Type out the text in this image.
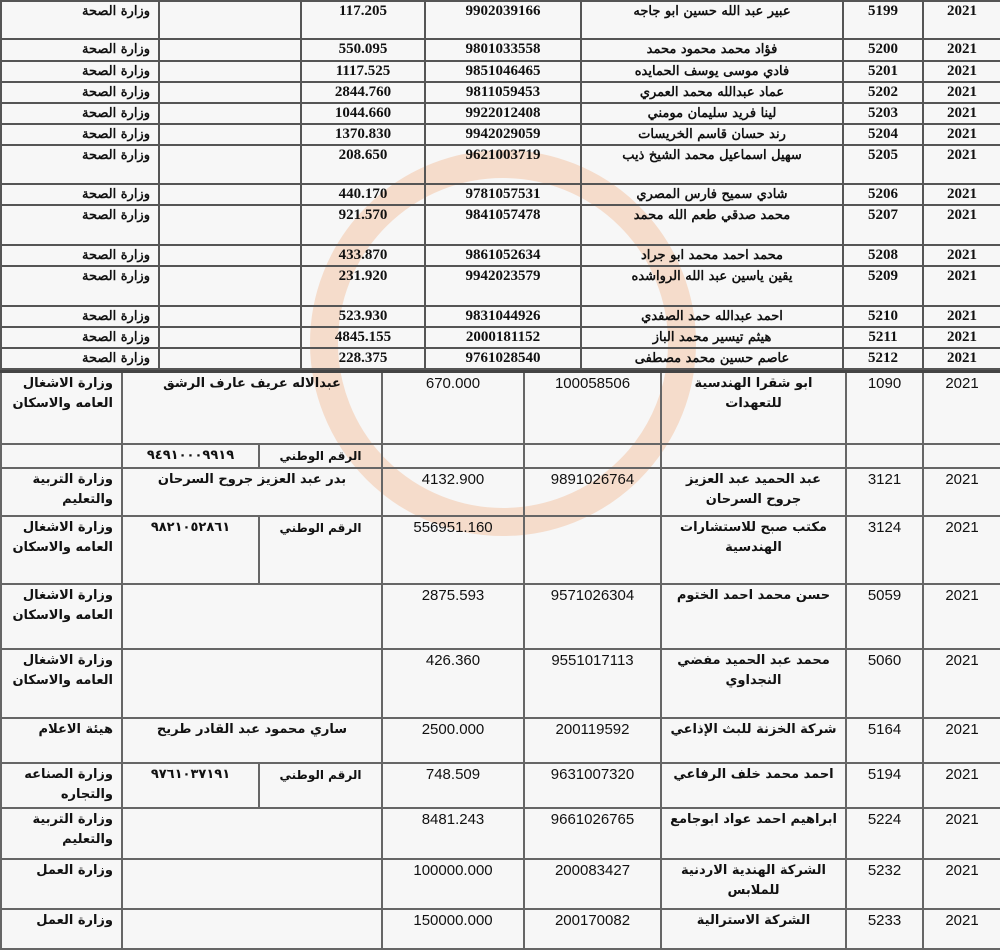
2021	5199	عبير عبد الله حسين ابو جاجه	9902039166	117.205		وزارة الصحة
2021	5200	فؤاد محمد محمود محمد	9801033558	550.095		وزارة الصحة
2021	5201	فادي موسى يوسف الحمايده	9851046465	1117.525		وزارة الصحة
2021	5202	عماد عبدالله محمد العمري	9811059453	2844.760		وزارة الصحة
2021	5203	لينا فريد سليمان مومني	9922012408	1044.660		وزارة الصحة
2021	5204	رند حسان قاسم الخريسات	9942029059	1370.830		وزارة الصحة
2021	5205	سهيل اسماعيل محمد الشيخ ذيب	9621003719	208.650		وزارة الصحة
2021	5206	شادي سميح فارس المصري	9781057531	440.170		وزارة الصحة
2021	5207	محمد صدقي طعم الله محمد	9841057478	921.570		وزارة الصحة
2021	5208	محمد احمد محمد ابو جراد	9861052634	433.870		وزارة الصحة
2021	5209	يقين ياسين عبد الله الرواشده	9942023579	231.920		وزارة الصحة
2021	5210	احمد عبدالله حمد الصفدي	9831044926	523.930		وزارة الصحة
2021	5211	هيثم تيسير محمد الباز	2000181152	4845.155		وزارة الصحة
2021	5212	عاصم حسين محمد مصطفى	9761028540	228.375		وزارة الصحة
2021	1090	ابو شقرا الهندسية للتعهدات	100058506	670.000	عبدالاله عريف عارف الرشق		وزارة الاشغال العامه والاسكان
					الرقم الوطني	٩٤٩١٠٠٠٩٩١٩	
2021	3121	عبد الحميد عبد العزيز جروح السرحان	9891026764	4132.900	بدر عبد العزيز جروح السرحان		وزارة التربية والتعليم
2021	3124	مكتب صبح للاستشارات الهندسية		556951.160	الرقم الوطني	٩٨٢١٠٥٢٨٦١	وزارة الاشغال العامه والاسكان
2021	5059	حسن محمد احمد الختوم	9571026304	2875.593			وزارة الاشغال العامه والاسكان
2021	5060	محمد عبد الحميد مفضي النجداوي	9551017113	426.360			وزارة الاشغال العامه والاسكان
2021	5164	شركة الخزنة للبث الإذاعي	200119592	2500.000	ساري محمود عبد القادر طريح		هيئة الاعلام
2021	5194	احمد محمد خلف الرفاعي	9631007320	748.509	الرقم الوطني	٩٧٦١٠٣٧١٩١	وزارة الصناعه والتجاره
2021	5224	ابراهيم احمد عواد ابوجامع	9661026765	8481.243			وزارة التربية والتعليم
2021	5232	الشركة الهندية الاردنية للملابس	200083427	100000.000			وزارة العمل
2021	5233	الشركة الاسترالية	200170082	150000.000			وزارة العمل
